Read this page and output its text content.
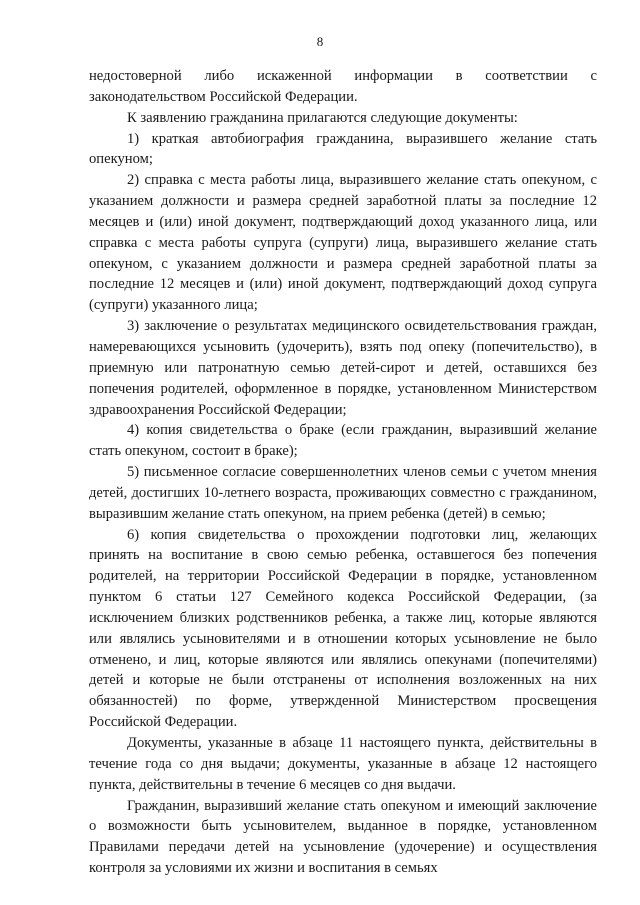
8

недостоверной либо искаженной информации в соответствии с законодательством Российской Федерации.

К заявлению гражданина прилагаются следующие документы:

1) краткая автобиография гражданина, выразившего желание стать опекуном;

2) справка с места работы лица, выразившего желание стать опекуном, с указанием должности и размера средней заработной платы за последние 12 месяцев и (или) иной документ, подтверждающий доход указанного лица, или справка с места работы супруга (супруги) лица, выразившего желание стать опекуном, с указанием должности и размера средней заработной платы за последние 12 месяцев и (или) иной документ, подтверждающий доход супруга (супруги) указанного лица;

3) заключение о результатах медицинского освидетельствования граждан, намеревающихся усыновить (удочерить), взять под опеку (попечительство), в приемную или патронатную семью детей-сирот и детей, оставшихся без попечения родителей, оформленное в порядке, установленном Министерством здравоохранения Российской Федерации;

4) копия свидетельства о браке (если гражданин, выразивший желание стать опекуном, состоит в браке);

5) письменное согласие совершеннолетних членов семьи с учетом мнения детей, достигших 10-летнего возраста, проживающих совместно с гражданином, выразившим желание стать опекуном, на прием ребенка (детей) в семью;

6) копия свидетельства о прохождении подготовки лиц, желающих принять на воспитание в свою семью ребенка, оставшегося без попечения родителей, на территории Российской Федерации в порядке, установленном пунктом 6 статьи 127 Семейного кодекса Российской Федерации, (за исключением близких родственников ребенка, а также лиц, которые являются или являлись усыновителями и в отношении которых усыновление не было отменено, и лиц, которые являются или являлись опекунами (попечителями) детей и которые не были отстранены от исполнения возложенных на них обязанностей) по форме, утвержденной Министерством просвещения Российской Федерации.

Документы, указанные в абзаце 11 настоящего пункта, действительны в течение года со дня выдачи; документы, указанные в абзаце 12 настоящего пункта, действительны в течение 6 месяцев со дня выдачи.

Гражданин, выразивший желание стать опекуном и имеющий заключение о возможности быть усыновителем, выданное в порядке, установленном Правилами передачи детей на усыновление (удочерение) и осуществления контроля за условиями их жизни и воспитания в семьях
